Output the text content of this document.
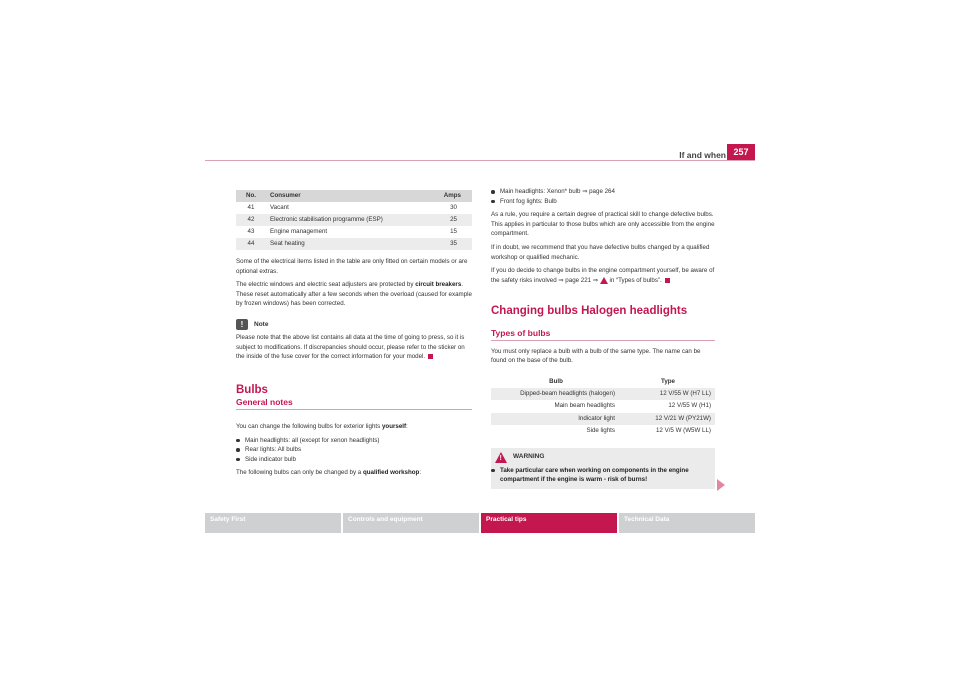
If and when 257
No.	Consumer	Amps
41	Vacant	30
42	Electronic stabilisation programme (ESP)	25
43	Engine management	15
44	Seat heating	35

Some of the electrical items listed in the table are only fitted on certain models or are optional extras.

The electric windows and electric seat adjusters are protected by circuit breakers. These reset automatically after a few seconds when the overload (caused for example by frozen windows) has been corrected.

!	Note

Please note that the above list contains all data at the time of going to press, so it is subject to modifications. If discrepancies should occur, please refer to the sticker on the inside of the fuse cover for the correct information for your model.

Bulbs
General notes

You can change the following bulbs for exterior lights yourself:

Main headlights: all (except for xenon headlights)
Rear lights: All bulbs
Side indicator bulb

The following bulbs can only be changed by a qualified workshop:

Main headlights: Xenon* bulb ⇒ page 264
Front fog lights: Bulb

As a rule, you require a certain degree of practical skill to change defective bulbs. This applies in particular to those bulbs which are only accessible from the engine compartment.

If in doubt, we recommend that you have defective bulbs changed by a qualified workshop or qualified mechanic.

If you do decide to change bulbs in the engine compartment yourself, be aware of the safety risks involved ⇒ page 221 ⇒  in “Types of bulbs”.

Changing bulbs Halogen headlights
Types of bulbs

You must only replace a bulb with a bulb of the same type. The name can be found on the base of the bulb.

Bulb	Type
Dipped-beam headlights (halogen)	12 V/55 W (H7 LL)
Main beam headlights	12 V/55 W (H1)
Indicator light	12 V/21 W (PY21W)
Side lights	12 V/5 W (W5W LL)
! WARNING
Take particular care when working on components in the engine compartment if the engine is warm - risk of burns!
Safety First	Controls and equipment	Practical tips	Technical Data
